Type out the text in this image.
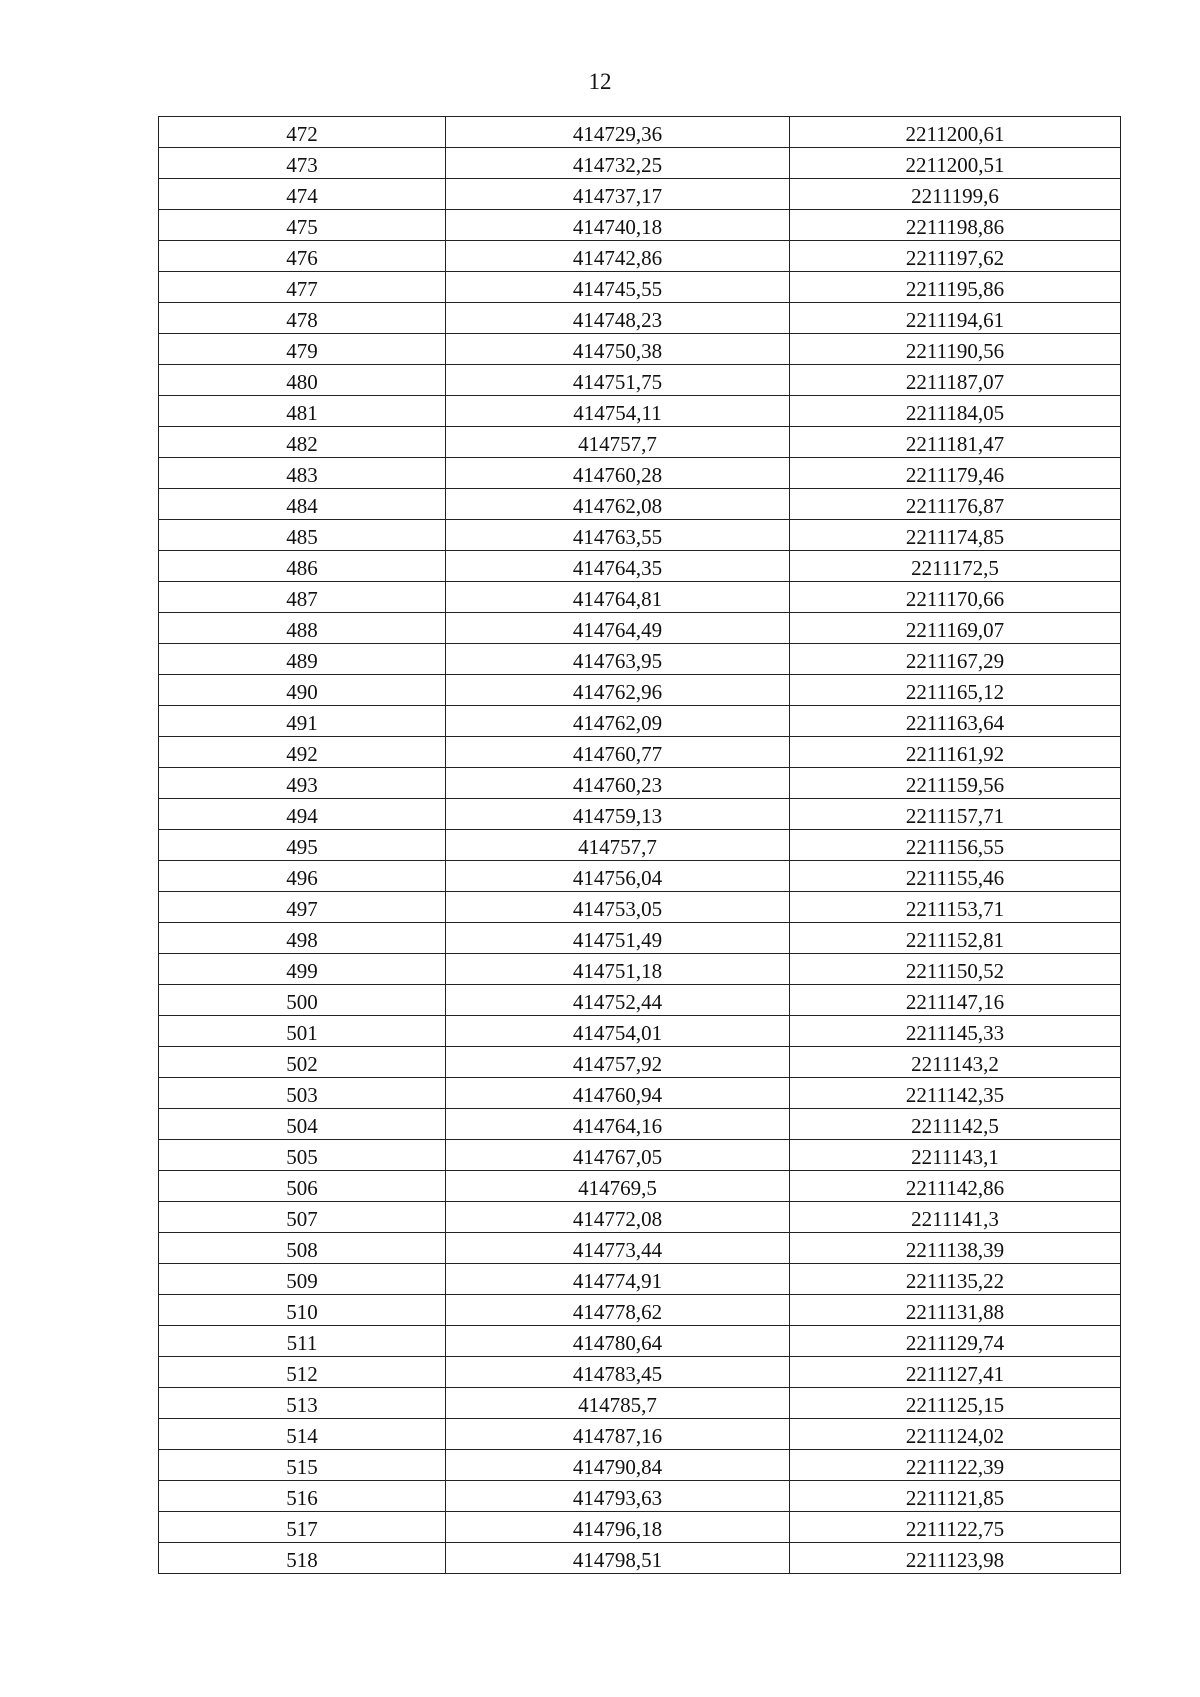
12
472	414729,36	2211200,61
473	414732,25	2211200,51
474	414737,17	2211199,6
475	414740,18	2211198,86
476	414742,86	2211197,62
477	414745,55	2211195,86
478	414748,23	2211194,61
479	414750,38	2211190,56
480	414751,75	2211187,07
481	414754,11	2211184,05
482	414757,7	2211181,47
483	414760,28	2211179,46
484	414762,08	2211176,87
485	414763,55	2211174,85
486	414764,35	2211172,5
487	414764,81	2211170,66
488	414764,49	2211169,07
489	414763,95	2211167,29
490	414762,96	2211165,12
491	414762,09	2211163,64
492	414760,77	2211161,92
493	414760,23	2211159,56
494	414759,13	2211157,71
495	414757,7	2211156,55
496	414756,04	2211155,46
497	414753,05	2211153,71
498	414751,49	2211152,81
499	414751,18	2211150,52
500	414752,44	2211147,16
501	414754,01	2211145,33
502	414757,92	2211143,2
503	414760,94	2211142,35
504	414764,16	2211142,5
505	414767,05	2211143,1
506	414769,5	2211142,86
507	414772,08	2211141,3
508	414773,44	2211138,39
509	414774,91	2211135,22
510	414778,62	2211131,88
511	414780,64	2211129,74
512	414783,45	2211127,41
513	414785,7	2211125,15
514	414787,16	2211124,02
515	414790,84	2211122,39
516	414793,63	2211121,85
517	414796,18	2211122,75
518	414798,51	2211123,98
